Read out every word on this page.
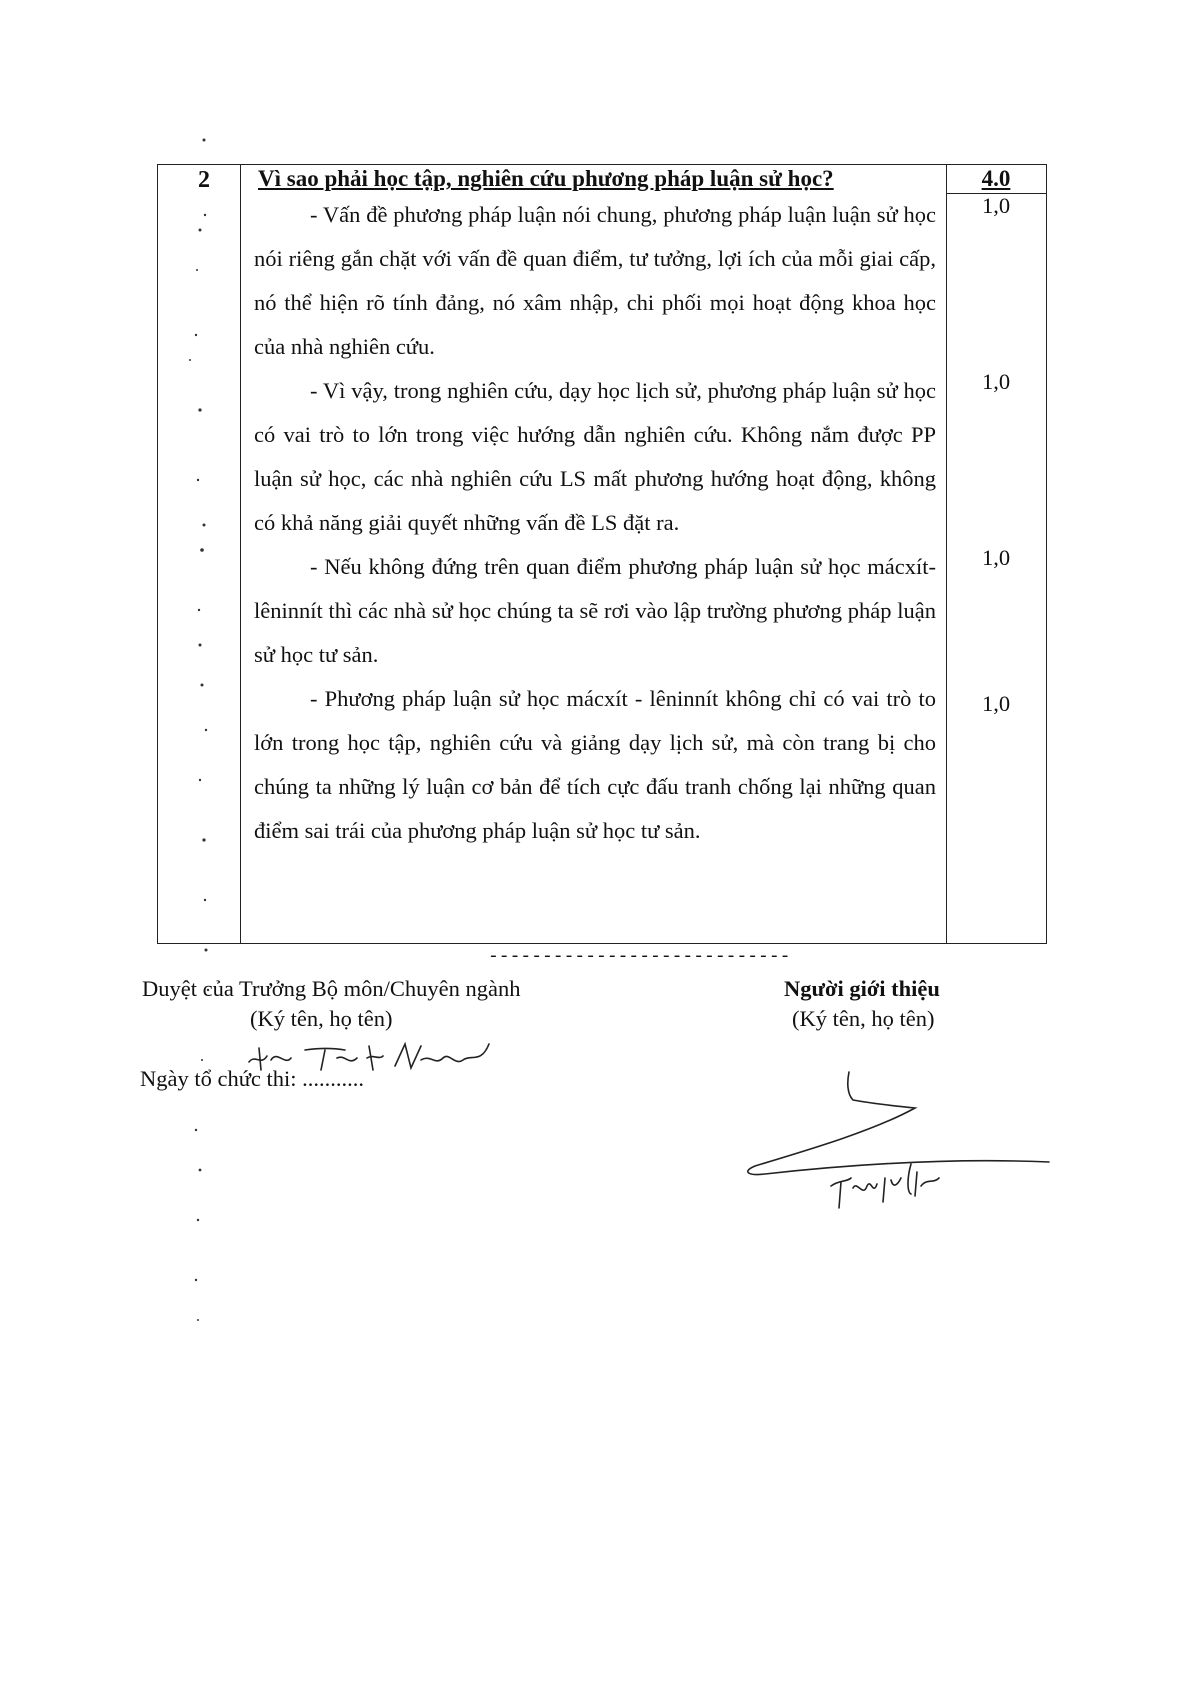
2 Vì sao phải học tập, nghiên cứu phương pháp luận sử học?	4.0

- Vấn đề phương pháp luận nói chung, phương pháp luận luận sử học nói riêng gắn chặt với vấn đề quan điểm, tư tưởng, lợi ích của mỗi giai cấp, nó thể hiện rõ tính đảng, nó xâm nhập, chi phối mọi hoạt động khoa học của nhà nghiên cứu.

- Vì vậy, trong nghiên cứu, dạy học lịch sử, phương pháp luận sử học có vai trò to lớn trong việc hướng dẫn nghiên cứu. Không nắm được PP luận sử học, các nhà nghiên cứu LS mất phương hướng hoạt động, không có khả năng giải quyết những vấn đề LS đặt ra.

- Nếu không đứng trên quan điểm phương pháp luận sử học mácxít-lêninnít thì các nhà sử học chúng ta sẽ rơi vào lập trường phương pháp luận sử học tư sản.

- Phương pháp luận sử học mácxít - lêninnít không chỉ có vai trò to lớn trong học tập, nghiên cứu và giảng dạy lịch sử, mà còn trang bị cho chúng ta những lý luận cơ bản để tích cực đấu tranh chống lại những quan điểm sai trái của phương pháp luận sử học tư sản.

1,0
1,0
1,0
1,0
----------------------------
Duyệt của Trưởng Bộ môn/Chuyên ngành
(Ký tên, họ tên)
Ngày tổ chức thi: ...........
Người giới thiệu
(Ký tên, họ tên)
